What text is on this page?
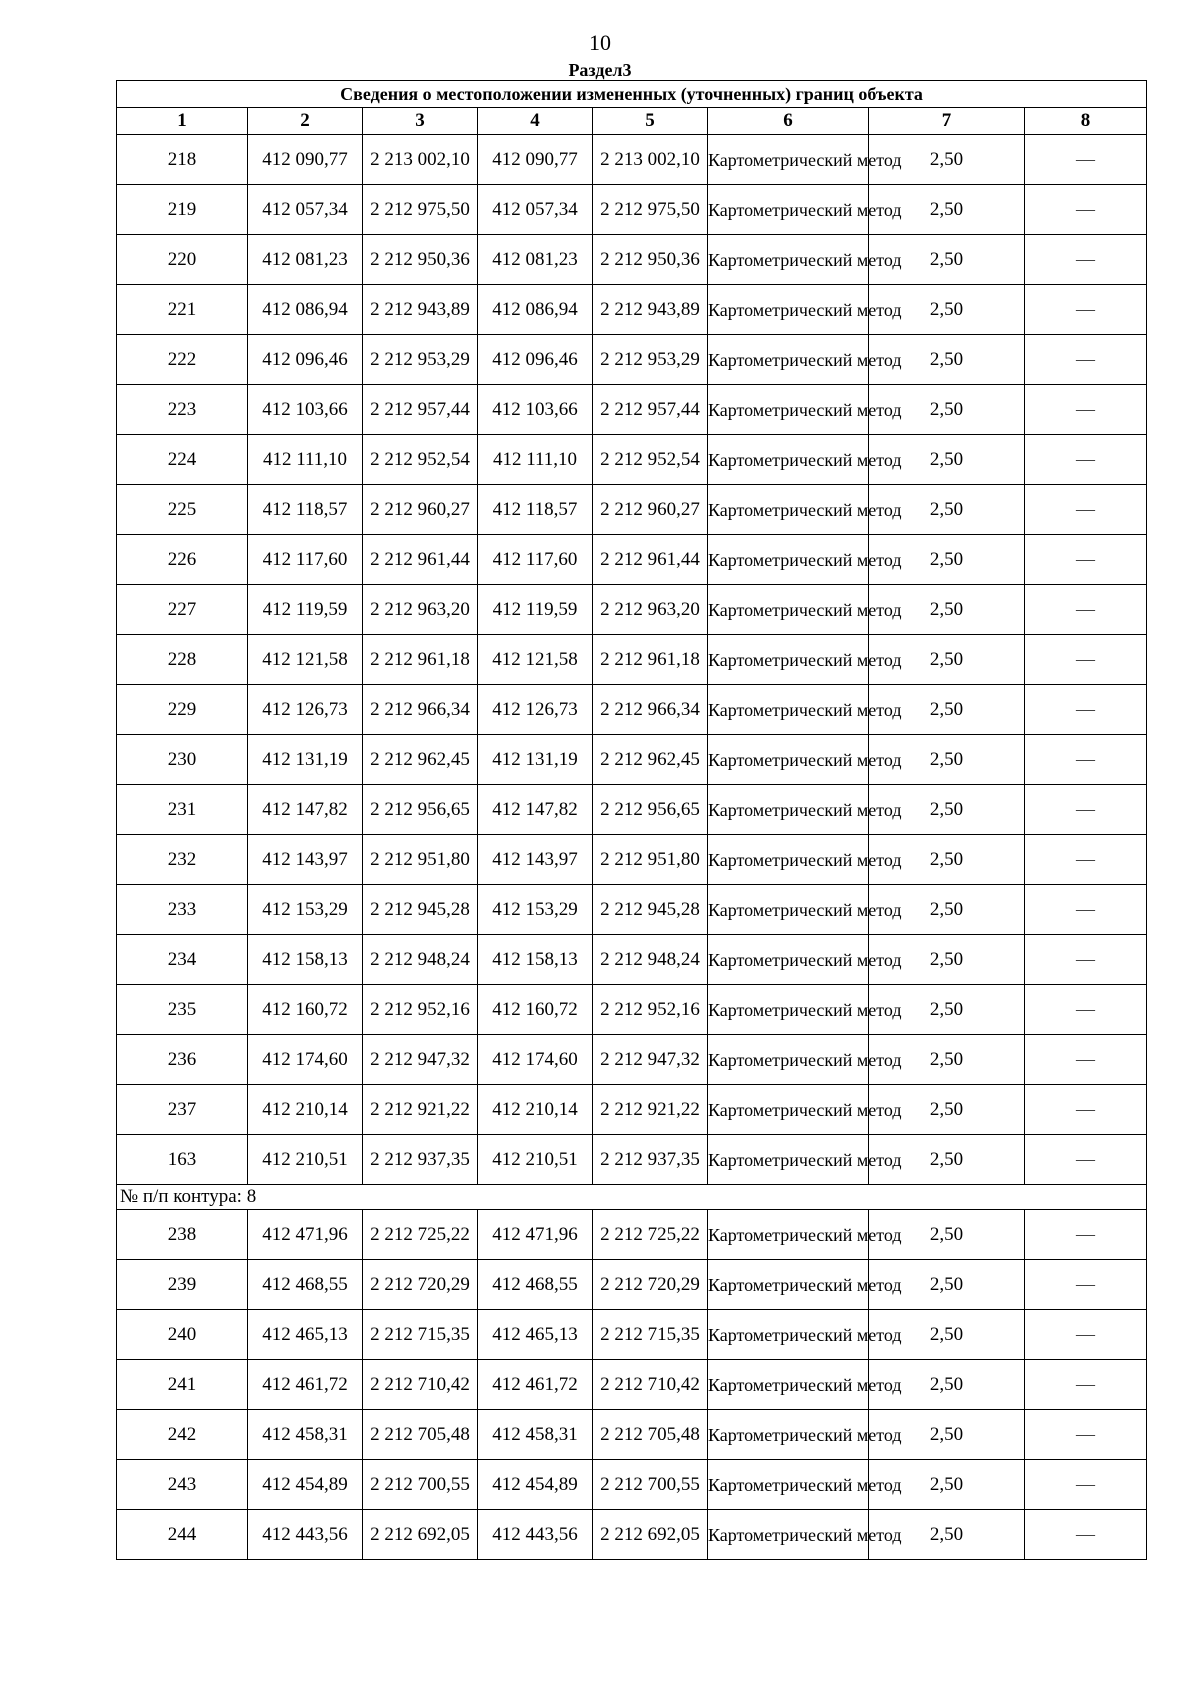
10
Раздел3
Сведения о местоположении измененных (уточненных) границ объекта							
1	2	3	4	5	6	7	8
218	412 090,77	2 213 002,10	412 090,77	2 213 002,10	Картометрический метод	2,50	—
219	412 057,34	2 212 975,50	412 057,34	2 212 975,50	Картометрический метод	2,50	—
220	412 081,23	2 212 950,36	412 081,23	2 212 950,36	Картометрический метод	2,50	—
221	412 086,94	2 212 943,89	412 086,94	2 212 943,89	Картометрический метод	2,50	—
222	412 096,46	2 212 953,29	412 096,46	2 212 953,29	Картометрический метод	2,50	—
223	412 103,66	2 212 957,44	412 103,66	2 212 957,44	Картометрический метод	2,50	—
224	412 111,10	2 212 952,54	412 111,10	2 212 952,54	Картометрический метод	2,50	—
225	412 118,57	2 212 960,27	412 118,57	2 212 960,27	Картометрический метод	2,50	—
226	412 117,60	2 212 961,44	412 117,60	2 212 961,44	Картометрический метод	2,50	—
227	412 119,59	2 212 963,20	412 119,59	2 212 963,20	Картометрический метод	2,50	—
228	412 121,58	2 212 961,18	412 121,58	2 212 961,18	Картометрический метод	2,50	—
229	412 126,73	2 212 966,34	412 126,73	2 212 966,34	Картометрический метод	2,50	—
230	412 131,19	2 212 962,45	412 131,19	2 212 962,45	Картометрический метод	2,50	—
231	412 147,82	2 212 956,65	412 147,82	2 212 956,65	Картометрический метод	2,50	—
232	412 143,97	2 212 951,80	412 143,97	2 212 951,80	Картометрический метод	2,50	—
233	412 153,29	2 212 945,28	412 153,29	2 212 945,28	Картометрический метод	2,50	—
234	412 158,13	2 212 948,24	412 158,13	2 212 948,24	Картометрический метод	2,50	—
235	412 160,72	2 212 952,16	412 160,72	2 212 952,16	Картометрический метод	2,50	—
236	412 174,60	2 212 947,32	412 174,60	2 212 947,32	Картометрический метод	2,50	—
237	412 210,14	2 212 921,22	412 210,14	2 212 921,22	Картометрический метод	2,50	—
163	412 210,51	2 212 937,35	412 210,51	2 212 937,35	Картометрический метод	2,50	—
№ п/п контура: 8							
238	412 471,96	2 212 725,22	412 471,96	2 212 725,22	Картометрический метод	2,50	—
239	412 468,55	2 212 720,29	412 468,55	2 212 720,29	Картометрический метод	2,50	—
240	412 465,13	2 212 715,35	412 465,13	2 212 715,35	Картометрический метод	2,50	—
241	412 461,72	2 212 710,42	412 461,72	2 212 710,42	Картометрический метод	2,50	—
242	412 458,31	2 212 705,48	412 458,31	2 212 705,48	Картометрический метод	2,50	—
243	412 454,89	2 212 700,55	412 454,89	2 212 700,55	Картометрический метод	2,50	—
244	412 443,56	2 212 692,05	412 443,56	2 212 692,05	Картометрический метод	2,50	—
